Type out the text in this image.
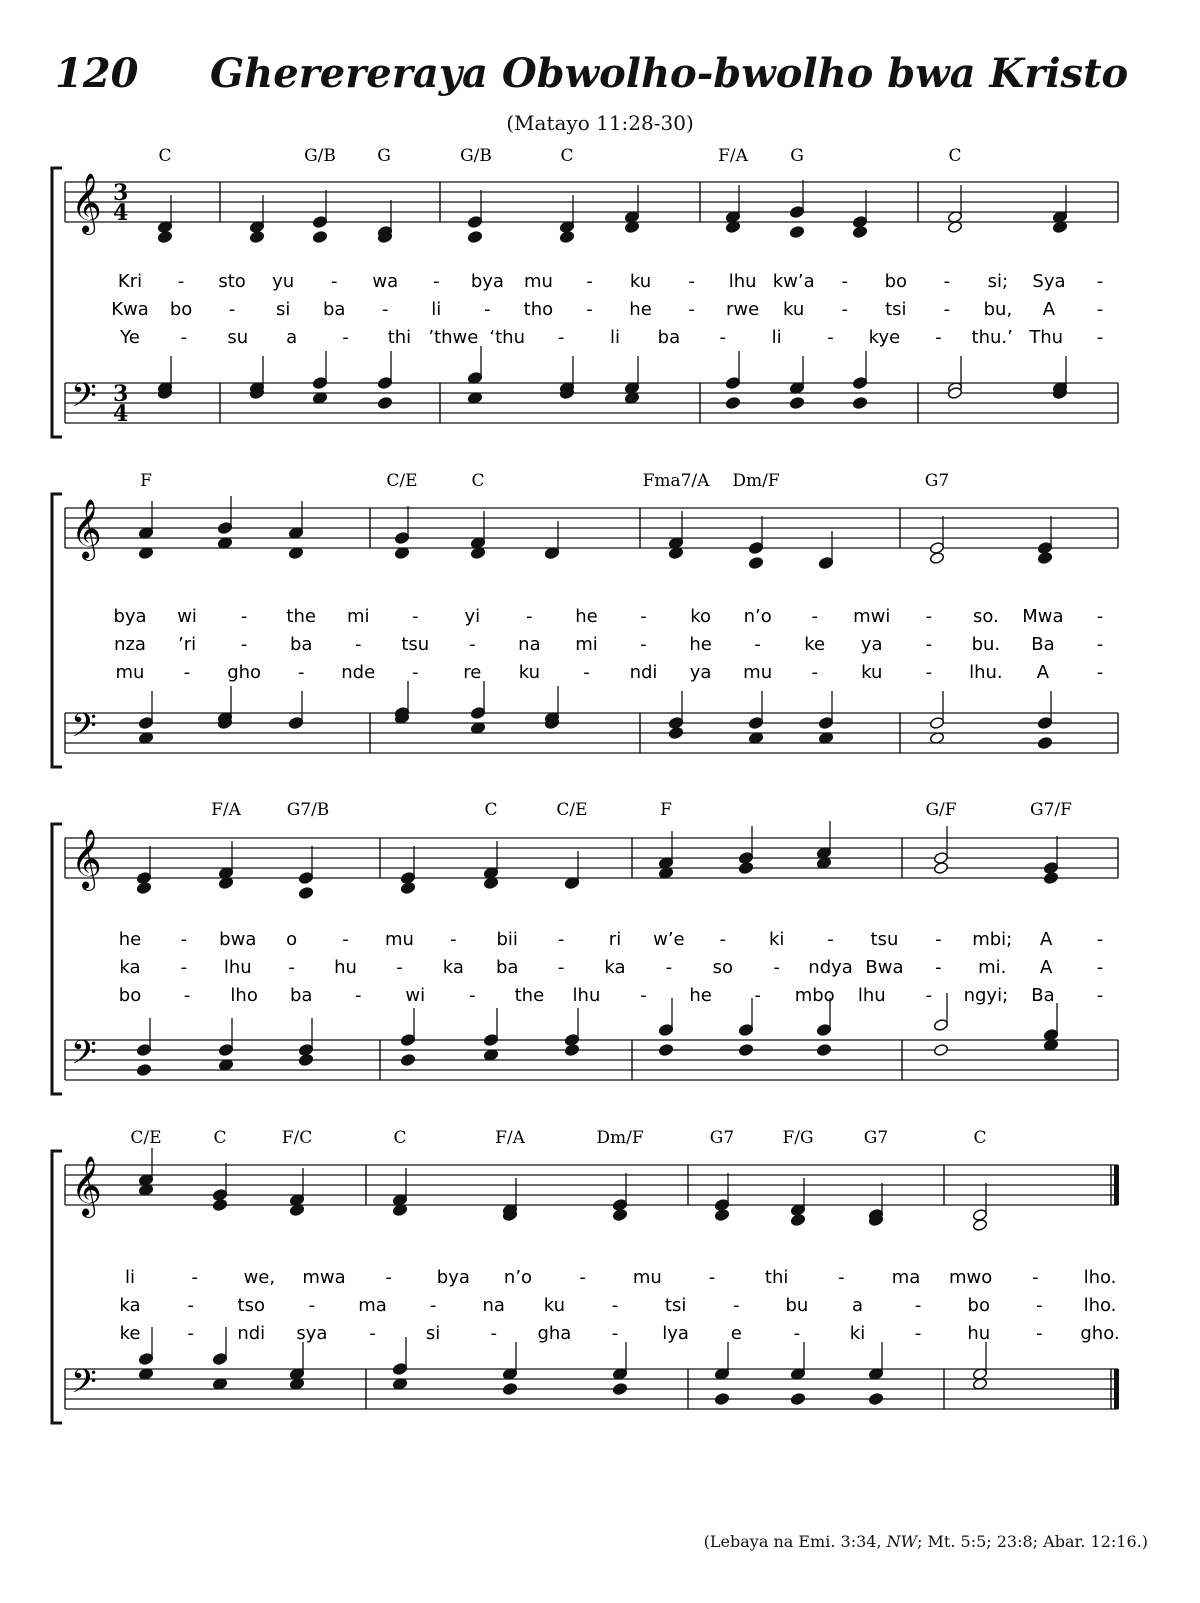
120 Gherererаya Obwolho-bwolho bwa Kristo
(Matayo 11:28-30)
𝄞 3
4
𝄢 3
4
C	G/B G	G/B	C	F/A G	C
Kri - sto yu - wa - bya mu - ku - lhu kw’a - bo - si; Sya -
Kwa bo - si ba - li - tho - he - rwe ku - tsi - bu, A -
Ye - su a	- thi ’thwe ‘thu -	li ba -	li	- kye - thu.’ Thu -
𝄞
𝄢
F	C/E	C	Fma7/A Dm/F	G7
bya wi - the mi -	yi	- he - ko n’o - mwi - so. Mwa -
nza ’ri - ba - tsu - na mi - he - ke ya - bu. Ba -
mu - gho - nde - re ku - ndi ya mu - ku - lhu. A	-
𝄞
𝄢
F/A	G7/B	C	C/E	F	G/F	G7/F
he - bwa o	- mu - bii - ri w’e - ki - tsu - mbi; A -
ka - lhu - hu - ka ba - ka - so - ndya Bwa - mi. A -
bo - lho ba - wi - the lhu - he - mbo lhu - ngyi; Ba -
𝄞
𝄢
C/E	C	F/C	C	F/A	Dm/F	G7	F/G	G7	C
li	-	we, mwa - bya n’o	-	mu	-	thi	-	ma mwo -	lho.
ka	- tso - ma -	na ku	-	tsi	-	bu a	-	bo	- lho.
ke	- ndi sya -	si	- gha - lya e	-	ki	-	hu	- gho.
(Lebaya na Emi. 3:34, NW; Mt. 5:5; 23:8; Abar. 12:16.)
